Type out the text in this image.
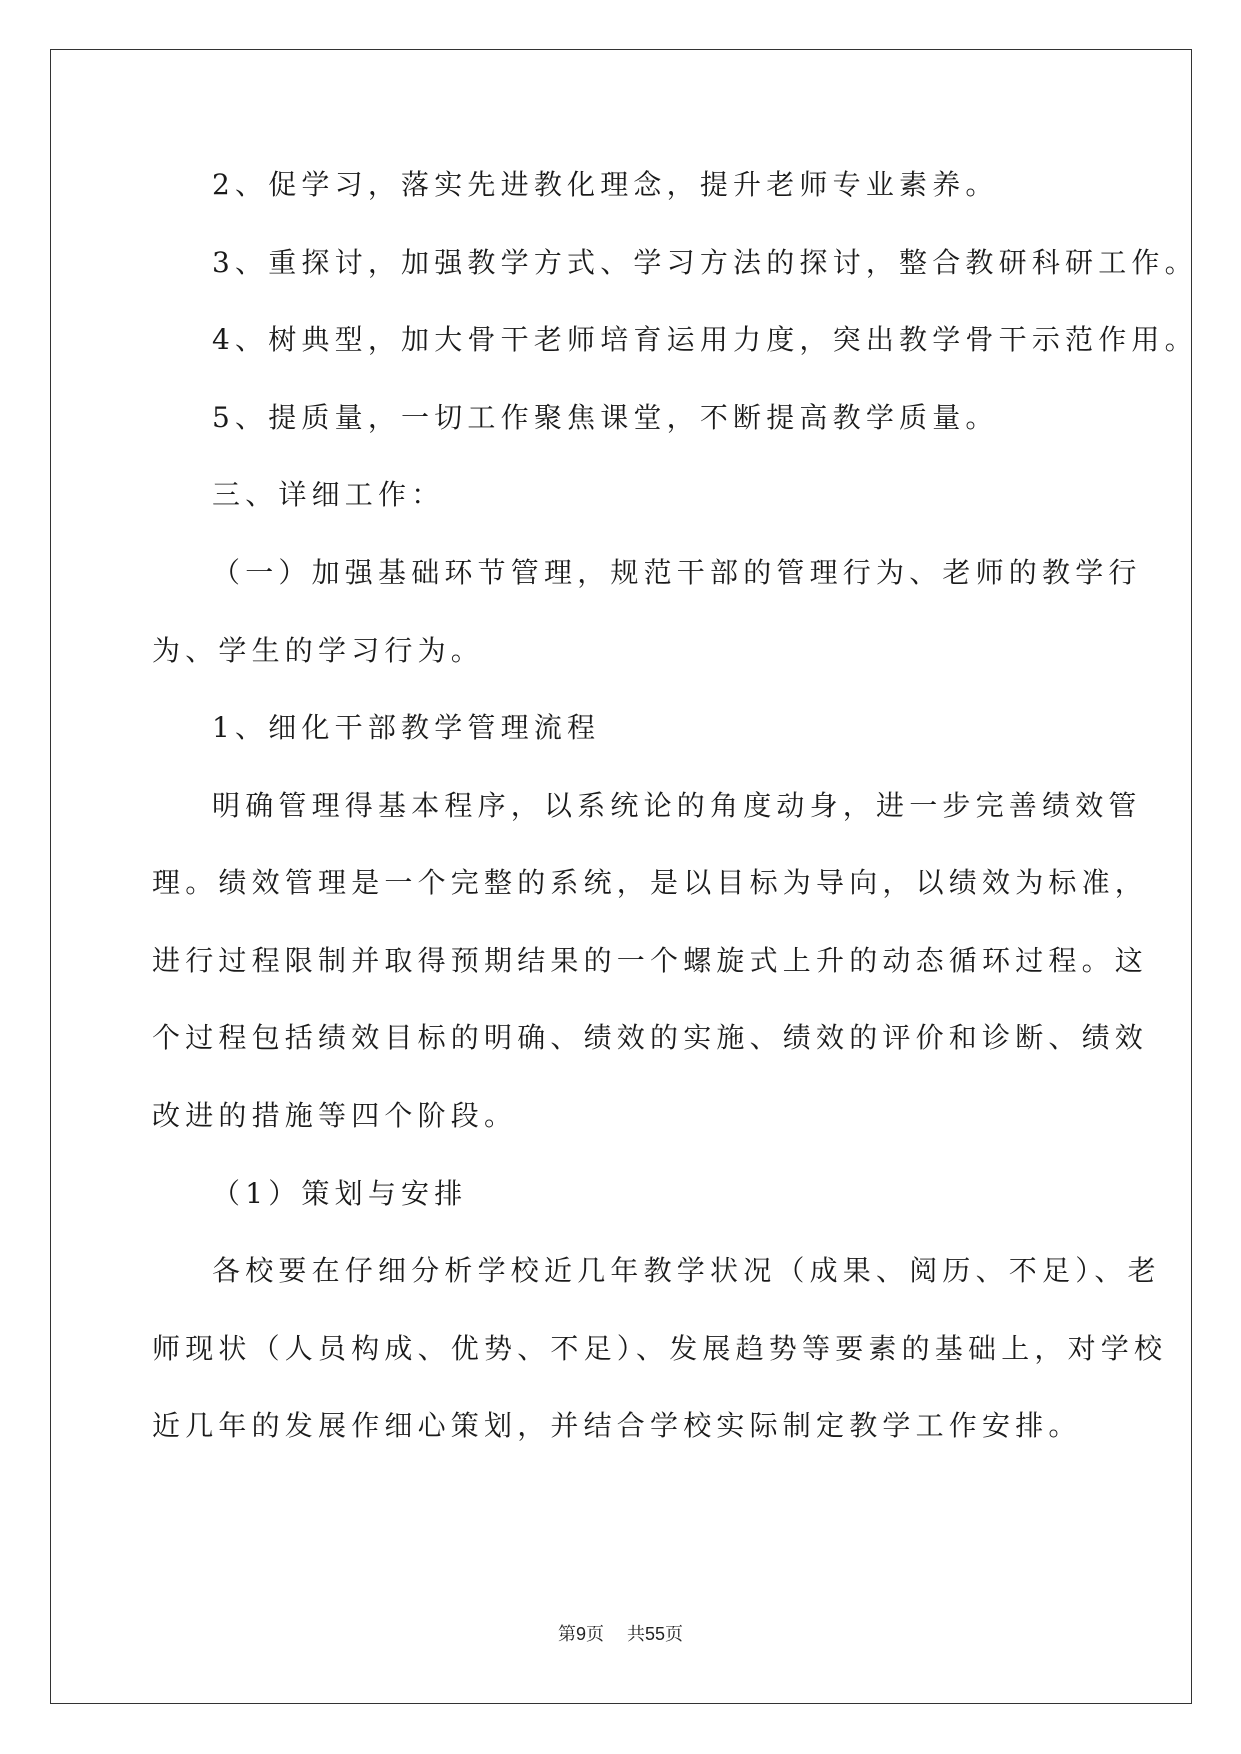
2、促学习，落实先进教化理念，提升老师专业素养。
3、重探讨，加强教学方式、学习方法的探讨，整合教研科研工作。
4、树典型，加大骨干老师培育运用力度，突出教学骨干示范作用。
5、提质量，一切工作聚焦课堂，不断提高教学质量。
三、详细工作：
（一）加强基础环节管理，规范干部的管理行为、老师的教学行
为、学生的学习行为。
1、细化干部教学管理流程
明确管理得基本程序，以系统论的角度动身，进一步完善绩效管
理。绩效管理是一个完整的系统，是以目标为导向，以绩效为标准，
进行过程限制并取得预期结果的一个螺旋式上升的动态循环过程。这
个过程包括绩效目标的明确、绩效的实施、绩效的评价和诊断、绩效
改进的措施等四个阶段。
（1）策划与安排
各校要在仔细分析学校近几年教学状况（成果、阅历、不足）、老
师现状（人员构成、优势、不足）、发展趋势等要素的基础上，对学校
近几年的发展作细心策划，并结合学校实际制定教学工作安排。
第9页 共55页
